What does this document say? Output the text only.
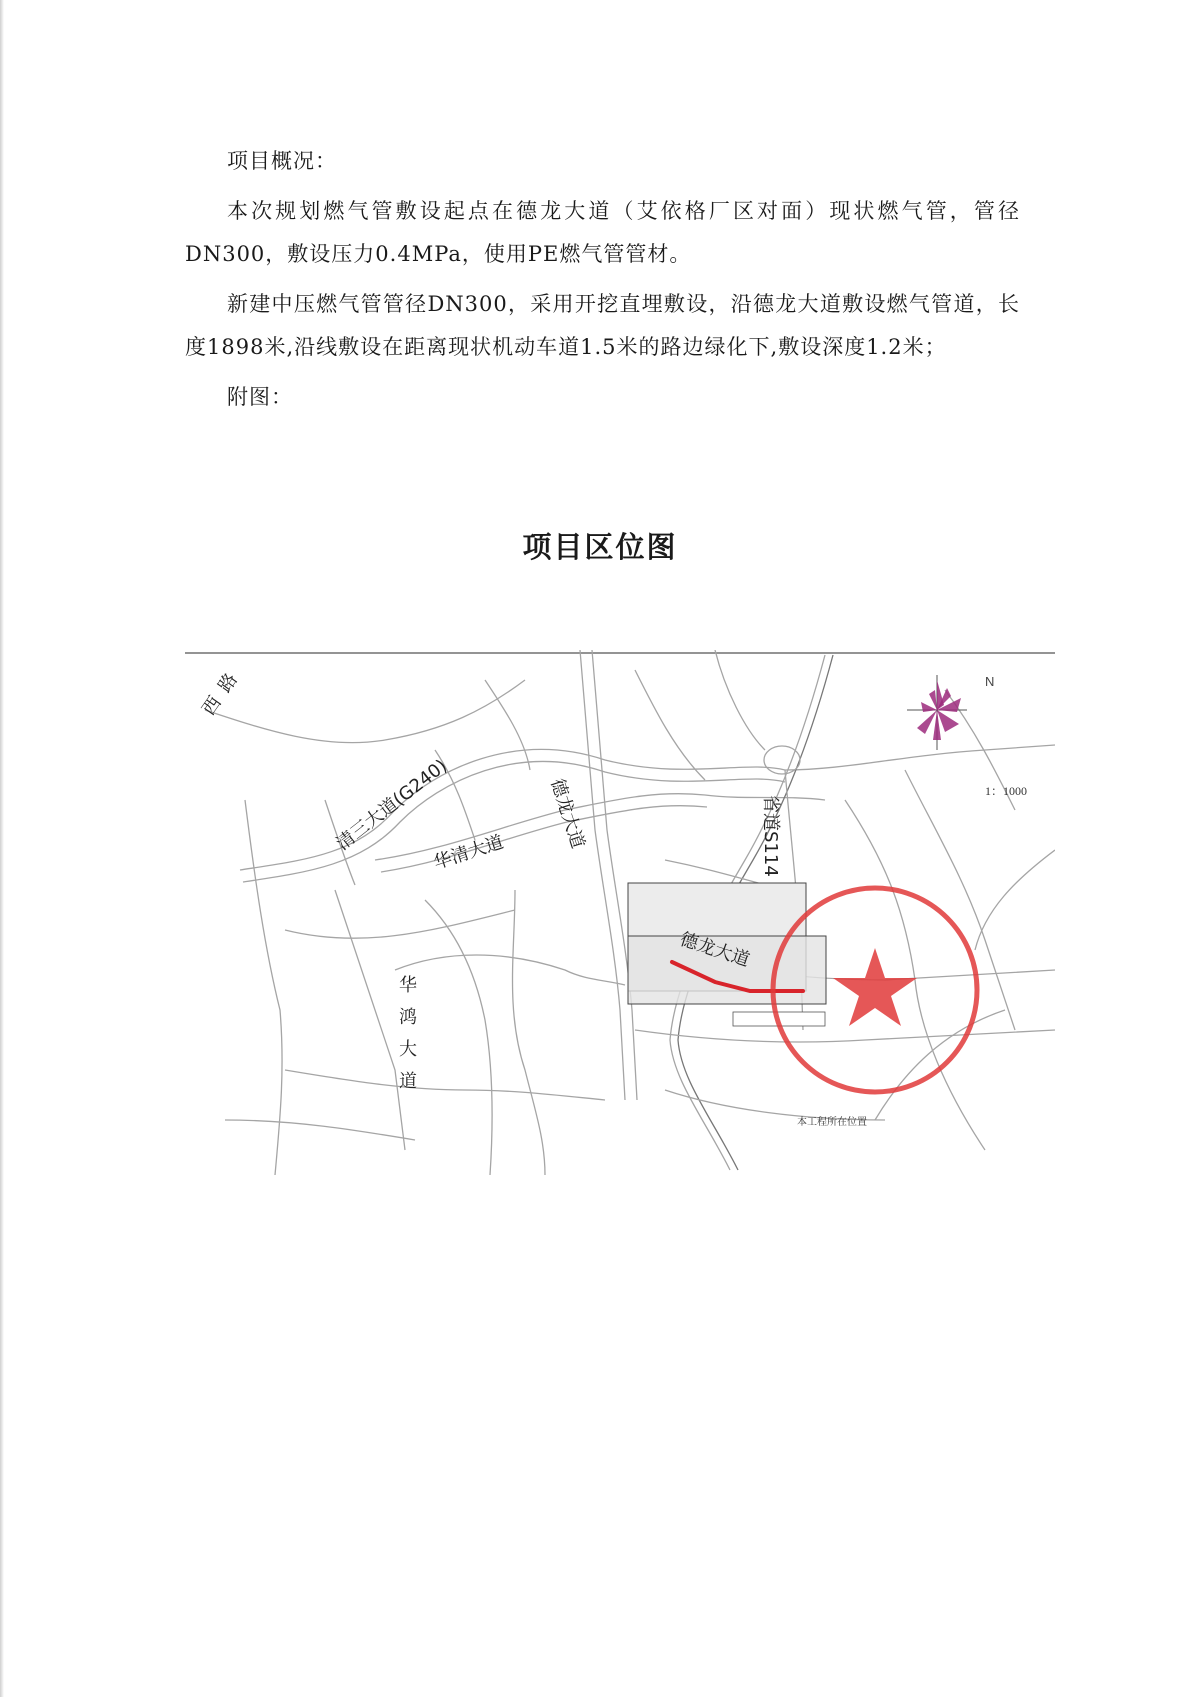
项目概况：

本次规划燃气管敷设起点在德龙大道（艾依格厂区对面）现状燃气管，管径DN300，敷设压力0.4MPa，使用PE燃气管管材。

新建中压燃气管管径DN300，采用开挖直埋敷设，沿德龙大道敷设燃气管道，长度1898米,沿线敷设在距离现状机动车道1.5米的路边绿化下,敷设深度1.2米；

附图：

项目区位图
西路
清三大道(G240)
华清大道
德龙大道	省道S114
德龙大道
华鸿大道
N
1：1000
本工程所在位置
